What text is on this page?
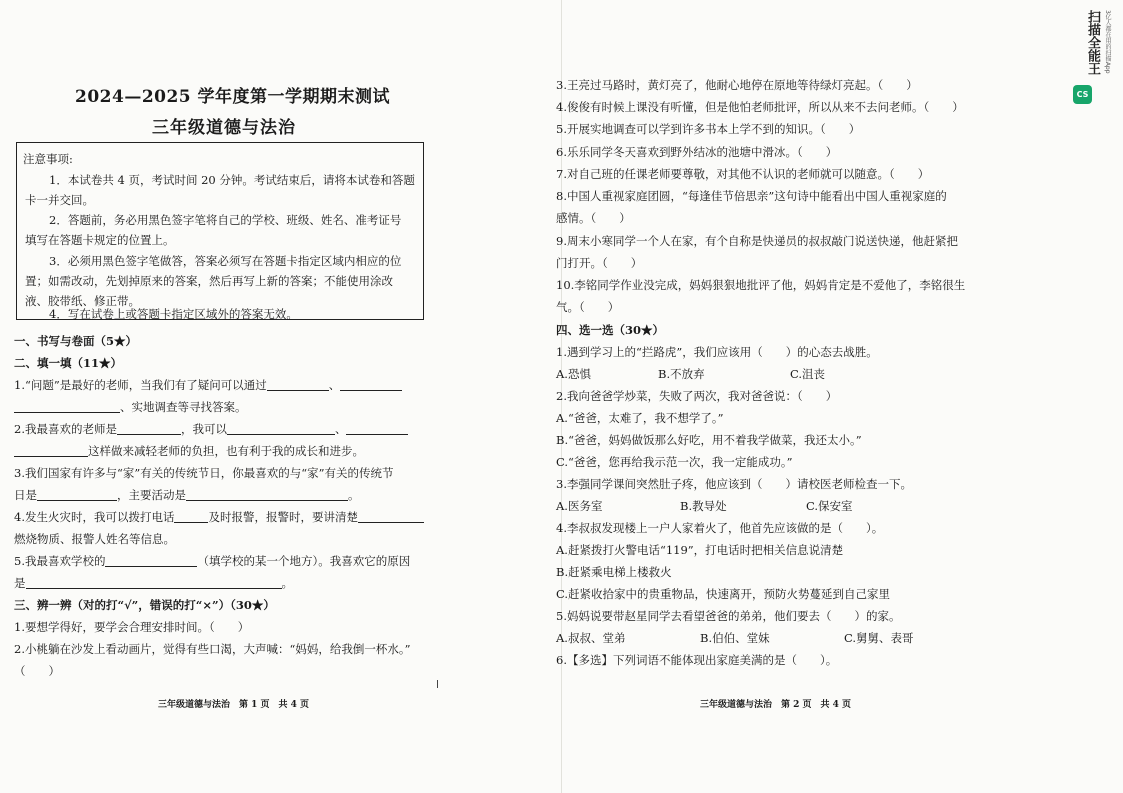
2024—2025 学年度第一学期期末测试
三年级道德与法治
注意事项:
1．本试卷共 4 页，考试时间 20 分钟。考试结束后，请将本试卷和答题
卡一并交回。
2．答题前，务必用黑色签字笔将自己的学校、班级、姓名、准考证号
填写在答题卡规定的位置上。
3．必须用黑色签字笔做答，答案必须写在答题卡指定区域内相应的位
置；如需改动，先划掉原来的答案，然后再写上新的答案；不能使用涂改
液、胶带纸、修正带。
4．写在试卷上或答题卡指定区域外的答案无效。
一、书写与卷面（5★）
二、填一填（11★）
1.“问题”是最好的老师，当我们有了疑问可以通过	、
、实地调查等寻找答案。
2.我最喜欢的老师是	，我可以	、
这样做来减轻老师的负担，也有利于我的成长和进步。
3.我们国家有许多与“家”有关的传统节日，你最喜欢的与“家”有关的传统节
日是	，主要活动是	。
4.发生火灾时，我可以拨打电话	及时报警，报警时，要讲清楚
燃烧物质、报警人姓名等信息。
5.我最喜欢学校的	（填学校的某一个地方）。我喜欢它的原因
是	。
三、辨一辨（对的打“√”，错误的打“×”）（30★）
1.要想学得好，要学会合理安排时间。（　　）
2.小桃躺在沙发上看动画片，觉得有些口渴，大声喊：“妈妈，给我倒一杯水。”
（　　）
三年级道德与法治　第 1 页　共 4 页
3.王亮过马路时，黄灯亮了，他耐心地停在原地等待绿灯亮起。（　　）
4.俊俊有时候上课没有听懂，但是他怕老师批评，所以从来不去问老师。（　　）
5.开展实地调查可以学到许多书本上学不到的知识。（　　）
6.乐乐同学冬天喜欢到野外结冰的池塘中滑冰。（　　）
7.对自己班的任课老师要尊敬，对其他不认识的老师就可以随意。（　　）
8.中国人重视家庭团圆，“每逢佳节倍思亲”这句诗中能看出中国人重视家庭的
感情。（　　）
9.周末小寒同学一个人在家，有个自称是快递员的叔叔敲门说送快递，他赶紧把
门打开。（　　）
10.李铭同学作业没完成，妈妈狠狠地批评了他，妈妈肯定是不爱他了，李铭很生
气。（　　）
四、选一选（30★）
1.遇到学习上的“拦路虎”，我们应该用（　　）的心态去战胜。
A.恐惧	B.不放弃	C.沮丧
2.我向爸爸学炒菜，失败了两次，我对爸爸说：（　　）
A.“爸爸，太难了，我不想学了。”
B.“爸爸，妈妈做饭那么好吃，用不着我学做菜，我还太小。”
C.“爸爸，您再给我示范一次，我一定能成功。”
3.李强同学课间突然肚子疼，他应该到（　　）请校医老师检查一下。
A.医务室	B.教导处	C.保安室
4.李叔叔发现楼上一户人家着火了，他首先应该做的是（　　）。
A.赶紧拨打火警电话“119”，打电话时把相关信息说清楚
B.赶紧乘电梯上楼救火
C.赶紧收拾家中的贵重物品，快速离开，预防火势蔓延到自己家里
5.妈妈说要带赵星同学去看望爸爸的弟弟，他们要去（　　）的家。
A.叔叔、堂弟	B.伯伯、堂妹	C.舅舅、表哥
6.【多选】下列词语不能体现出家庭美满的是（　　）。
三年级道德与法治　第 2 页　共 4 页
CS
扫描全能王 3亿人都在用的扫描App
